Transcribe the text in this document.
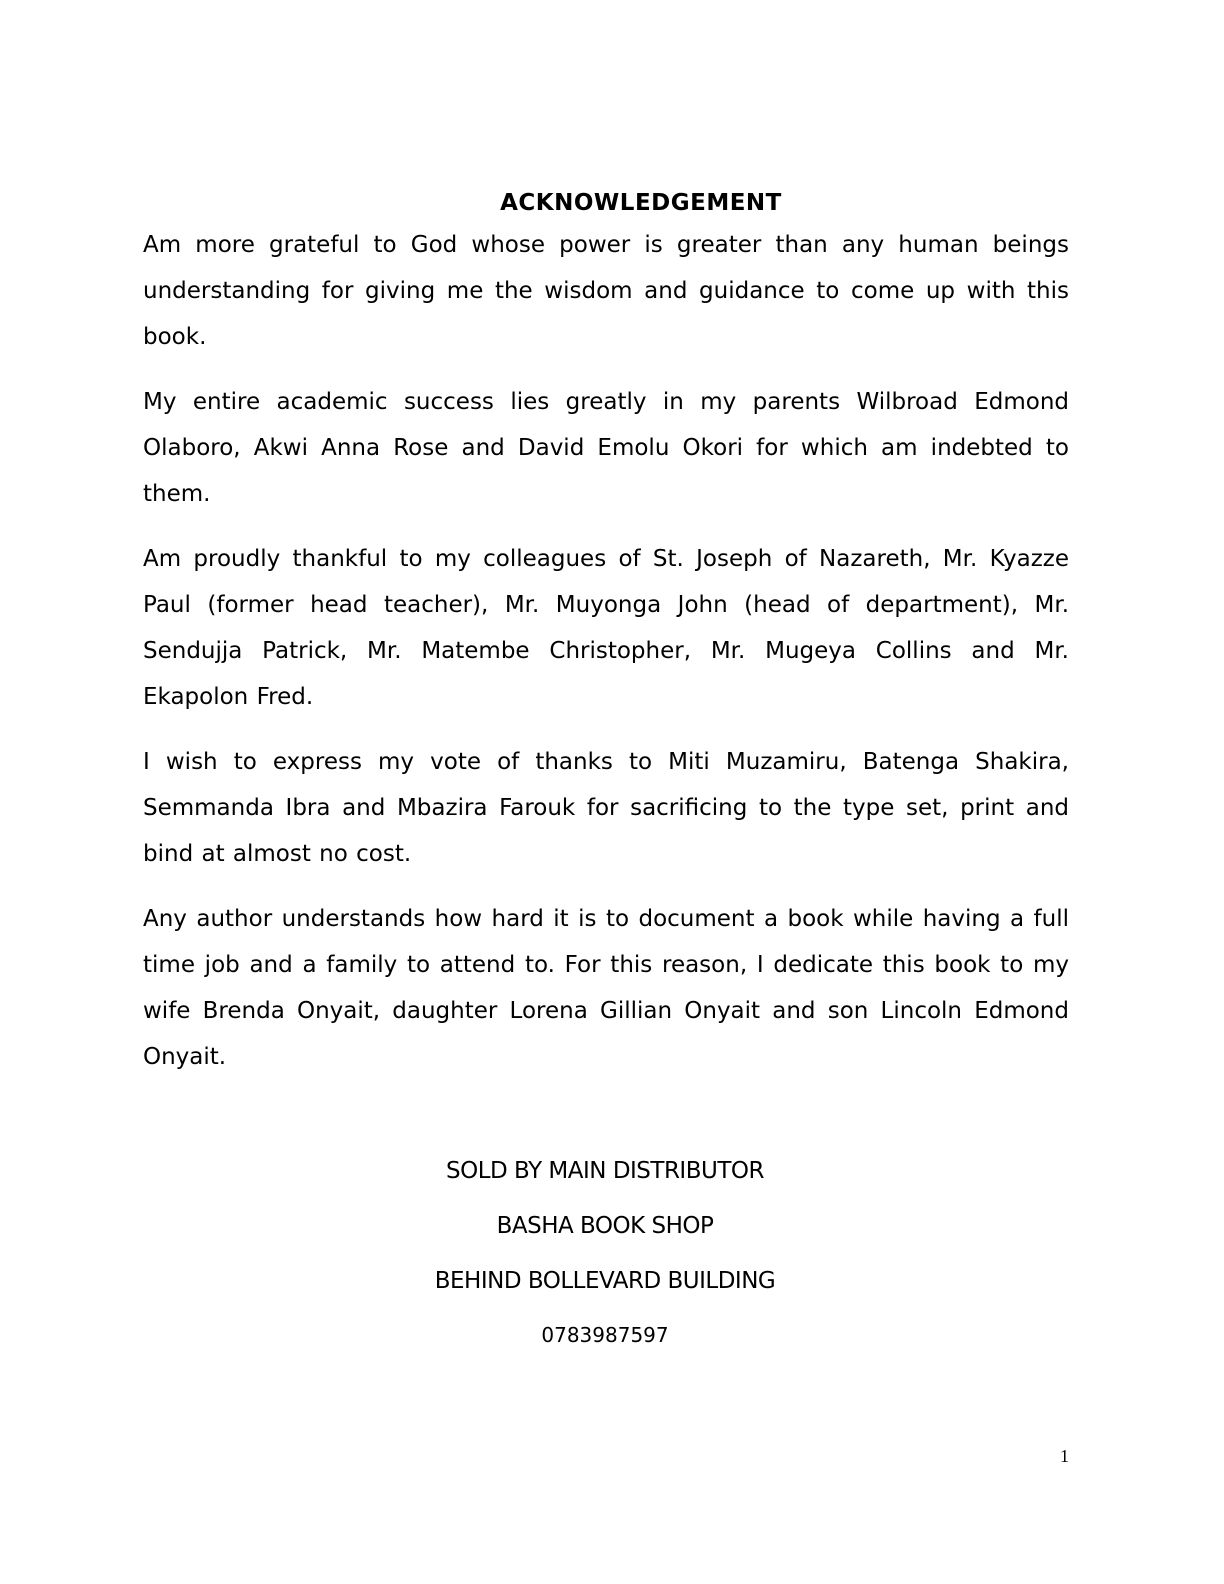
ACKNOWLEDGEMENT

Am more grateful to God whose power is greater than any human beings understanding for giving me the wisdom and guidance to come up with this book.

My entire academic success lies greatly in my parents Wilbroad Edmond Olaboro, Akwi Anna Rose and David Emolu Okori for which am indebted to them.

Am proudly thankful to my colleagues of St. Joseph of Nazareth, Mr. Kyazze Paul (former head teacher), Mr. Muyonga John (head of department), Mr. Sendujja Patrick, Mr. Matembe Christopher, Mr. Mugeya Collins and Mr. Ekapolon Fred.

I wish to express my vote of thanks to Miti Muzamiru, Batenga Shakira, Semmanda Ibra and Mbazira Farouk for sacrificing to the type set, print and bind at almost no cost.

Any author understands how hard it is to document a book while having a full time job and a family to attend to. For this reason, I dedicate this book to my wife Brenda Onyait, daughter Lorena Gillian Onyait and son Lincoln Edmond Onyait.

SOLD BY MAIN DISTRIBUTOR

BASHA BOOK SHOP

BEHIND BOLLEVARD BUILDING

0783987597

1
